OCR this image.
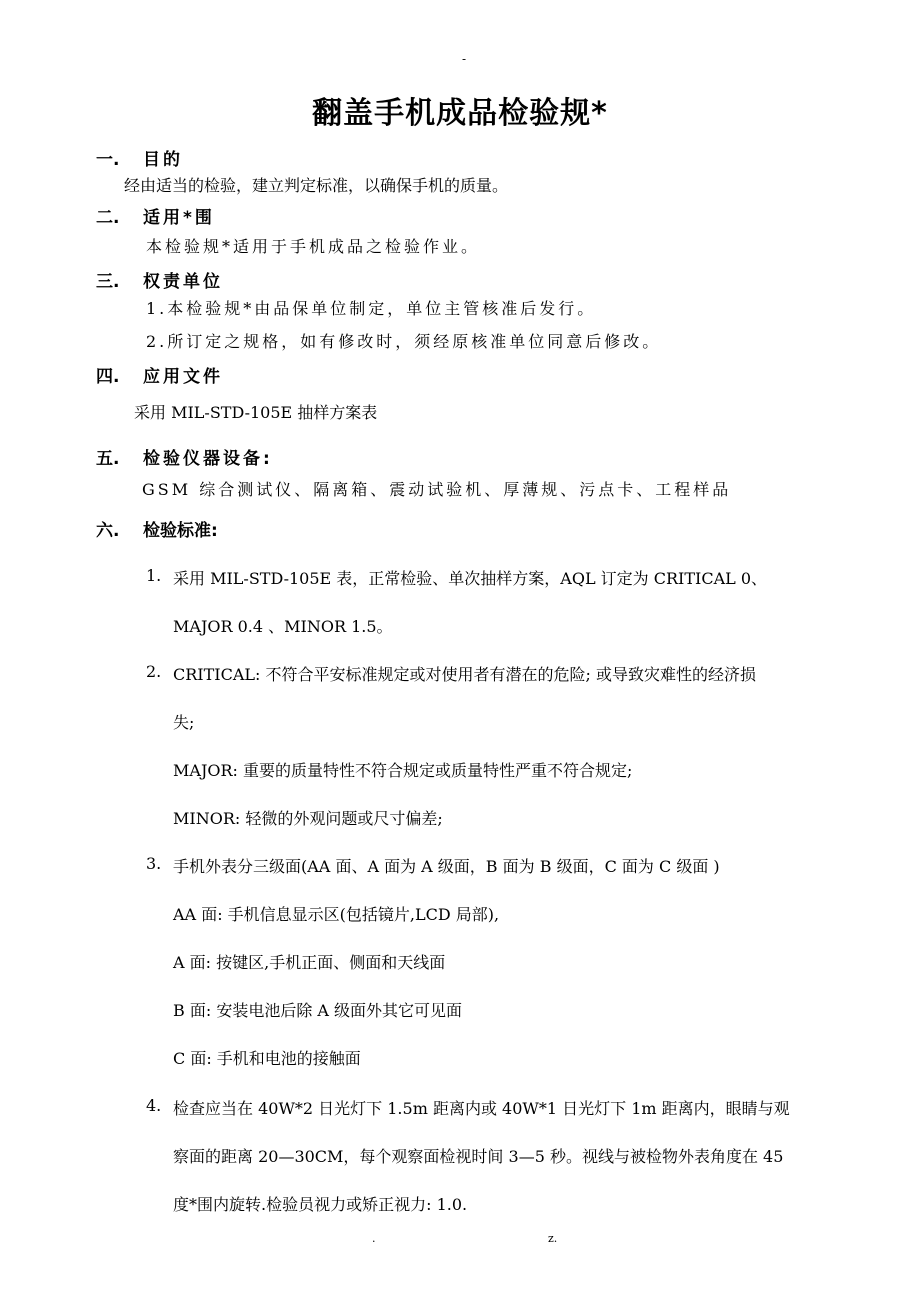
-
翻盖手机成品检验规*
一. 目的
经由适当的检验，建立判定标准，以确保手机的质量。
二. 适用*围
本检验规*适用于手机成品之检验作业。
三. 权责单位
1.本检验规*由品保单位制定，单位主管核准后发行。
2.所订定之规格，如有修改时，须经原核准单位同意后修改。
四. 应用文件
采用 MIL-STD-105E 抽样方案表
五. 检验仪器设备:
GSM 综合测试仪、隔离箱、震动试验机、厚薄规、污点卡、工程样品
六. 检验标准:
1. 采用 MIL-STD-105E 表，正常检验、单次抽样方案，AQL 订定为 CRITICAL 0、
MAJOR 0.4 、MINOR 1.5。
2. CRITICAL: 不符合平安标准规定或对使用者有潜在的危险; 或导致灾难性的经济损
失;
MAJOR: 重要的质量特性不符合规定或质量特性严重不符合规定;
MINOR: 轻微的外观问题或尺寸偏差;
3. 手机外表分三级面(AA 面、A 面为 A 级面，B 面为 B 级面，C 面为 C 级面 )
AA 面: 手机信息显示区(包括镜片,LCD 局部),
A 面: 按键区,手机正面、侧面和天线面
B 面: 安装电池后除 A 级面外其它可见面
C 面: 手机和电池的接触面
4. 检查应当在 40W*2 日光灯下 1.5m 距离内或 40W*1 日光灯下 1m 距离内，眼睛与观
察面的距离 20—30CM，每个观察面检视时间 3—5 秒。视线与被检物外表角度在 45
度*围内旋转.检验员视力或矫正视力: 1.0.
.	z.
